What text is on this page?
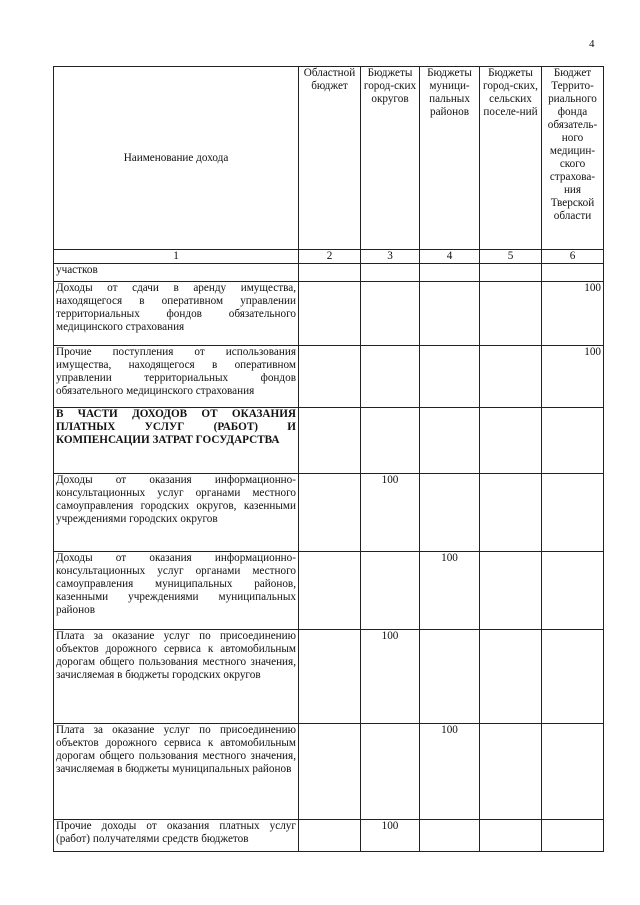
4
Наименование дохода	Областной бюджет	Бюджеты город-ских округов	Бюджеты муници-пальных районов	Бюджеты город-ских, сельских поселе-ний	Бюджет Террито-риального фонда обязатель-ного медицин-ского страхова-ния Тверской области
1	2	3	4	5	6
участков					
Доходы от сдачи в аренду имущества, находящегося в оперативном управлении территориальных фондов обязательного медицинского страхования					100
Прочие поступления от использования имущества, находящегося в оперативном управлении территориальных фондов обязательного медицинского страхования					100
В ЧАСТИ ДОХОДОВ ОТ ОКАЗАНИЯ ПЛАТНЫХ УСЛУГ (РАБОТ) И КОМПЕНСАЦИИ ЗАТРАТ ГОСУДАРСТВА					
Доходы от оказания информационно-консультационных услуг органами местного самоуправления городских округов, казенными учреждениями городских округов		100			
Доходы от оказания информационно-консультационных услуг органами местного самоуправления муниципальных районов, казенными учреждениями муниципальных районов			100		
Плата за оказание услуг по присоединению объектов дорожного сервиса к автомобильным дорогам общего пользования местного значения, зачисляемая в бюджеты городских округов		100			
Плата за оказание услуг по присоединению объектов дорожного сервиса к автомобильным дорогам общего пользования местного значения, зачисляемая в бюджеты муниципальных районов			100		
Прочие доходы от оказания платных услуг (работ) получателями средств бюджетов		100			
